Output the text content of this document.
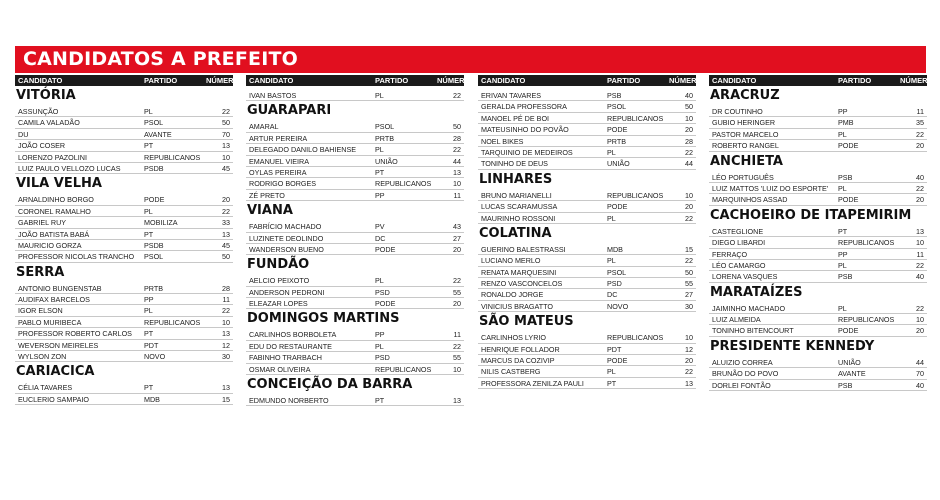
CANDIDATOS A PREFEITO
CANDIDATO	PARTIDO	NÚMERO
VITÓRIA
ASSUNÇÃO	PL	22
CAMILA VALADÃO	PSOL	50
DU	AVANTE	70
JOÃO COSER	PT	13
LORENZO PAZOLINI	REPUBLICANOS	10
LUIZ PAULO VELLOZO LUCAS	PSDB	45
VILA VELHA
ARNALDINHO BORGO	PODE	20
CORONEL RAMALHO	PL	22
GABRIEL RUY	MOBILIZA	33
JOÃO BATISTA BABÁ	PT	13
MAURICIO GORZA	PSDB	45
PROFESSOR NICOLAS TRANCHO	PSOL	50
SERRA
ANTONIO BUNGENSTAB	PRTB	28
AUDIFAX BARCELOS	PP	11
IGOR ELSON	PL	22
PABLO MURIBECA	REPUBLICANOS	10
PROFESSOR ROBERTO CARLOS	PT	13
WEVERSON MEIRELES	PDT	12
WYLSON ZON	NOVO	30
CARIACICA
CÉLIA TAVARES	PT	13
EUCLERIO SAMPAIO	MDB	15
CANDIDATO	PARTIDO	NÚMERO
IVAN BASTOS	PL	22
GUARAPARI
AMARAL	PSOL	50
ARTUR PEREIRA	PRTB	28
DELEGADO DANILO BAHIENSE	PL	22
EMANUEL VIEIRA	UNIÃO	44
OYLAS PEREIRA	PT	13
RODRIGO BORGES	REPUBLICANOS	10
ZÉ PRETO	PP	11
VIANA
FABRÍCIO MACHADO	PV	43
LUZINETE DEOLINDO	DC	27
WANDERSON BUENO	PODE	20
FUNDÃO
AELCIO PEIXOTO	PL	22
ANDERSON PEDRONI	PSD	55
ELEAZAR LOPES	PODE	20
DOMINGOS MARTINS
CARLINHOS BORBOLETA	PP	11
EDU DO RESTAURANTE	PL	22
FABINHO TRARBACH	PSD	55
OSMAR OLIVEIRA	REPUBLICANOS	10
CONCEIÇÃO DA BARRA
EDMUNDO NORBERTO	PT	13
CANDIDATO	PARTIDO	NÚMERO
ERIVAN TAVARES	PSB	40
GERALDA PROFESSORA	PSOL	50
MANOEL PÉ DE BOI	REPUBLICANOS	10
MATEUSINHO DO POVÃO	PODE	20
NOEL BIKES	PRTB	28
TARQUINIO DE MEDEIROS	PL	22
TONINHO DE DEUS	UNIÃO	44
LINHARES
BRUNO MARIANELLI	REPUBLICANOS	10
LUCAS SCARAMUSSA	PODE	20
MAURINHO ROSSONI	PL	22
COLATINA
GUERINO BALESTRASSI	MDB	15
LUCIANO MERLO	PL	22
RENATA MARQUESINI	PSOL	50
RENZO VASCONCELOS	PSD	55
RONALDO JORGE	DC	27
VINICIUS BRAGATTO	NOVO	30
SÃO MATEUS
CARLINHOS LYRIO	REPUBLICANOS	10
HENRIQUE FOLLADOR	PDT	12
MARCUS DA COZIVIP	PODE	20
NILIS CASTBERG	PL	22
PROFESSORA ZENILZA PAULI	PT	13
CANDIDATO	PARTIDO	NÚMERO
ARACRUZ
DR COUTINHO	PP	11
GUBIO HERINGER	PMB	35
PASTOR MARCELO	PL	22
ROBERTO RANGEL	PODE	20
ANCHIETA
LÉO PORTUGUÊS	PSB	40
LUIZ MATTOS 'LUIZ DO ESPORTE'	PL	22
MARQUINHOS ASSAD	PODE	20
CACHOEIRO DE ITAPEMIRIM
CASTEGLIONE	PT	13
DIEGO LIBARDI	REPUBLICANOS	10
FERRAÇO	PP	11
LÉO CAMARGO	PL	22
LORENA VASQUES	PSB	40
MARATAÍZES
JAIMINHO MACHADO	PL	22
LUIZ ALMEIDA	REPUBLICANOS	10
TONINHO BITENCOURT	PODE	20
PRESIDENTE KENNEDY
ALUIZIO CORREA	UNIÃO	44
BRUNÃO DO POVO	AVANTE	70
DORLEI FONTÃO	PSB	40
